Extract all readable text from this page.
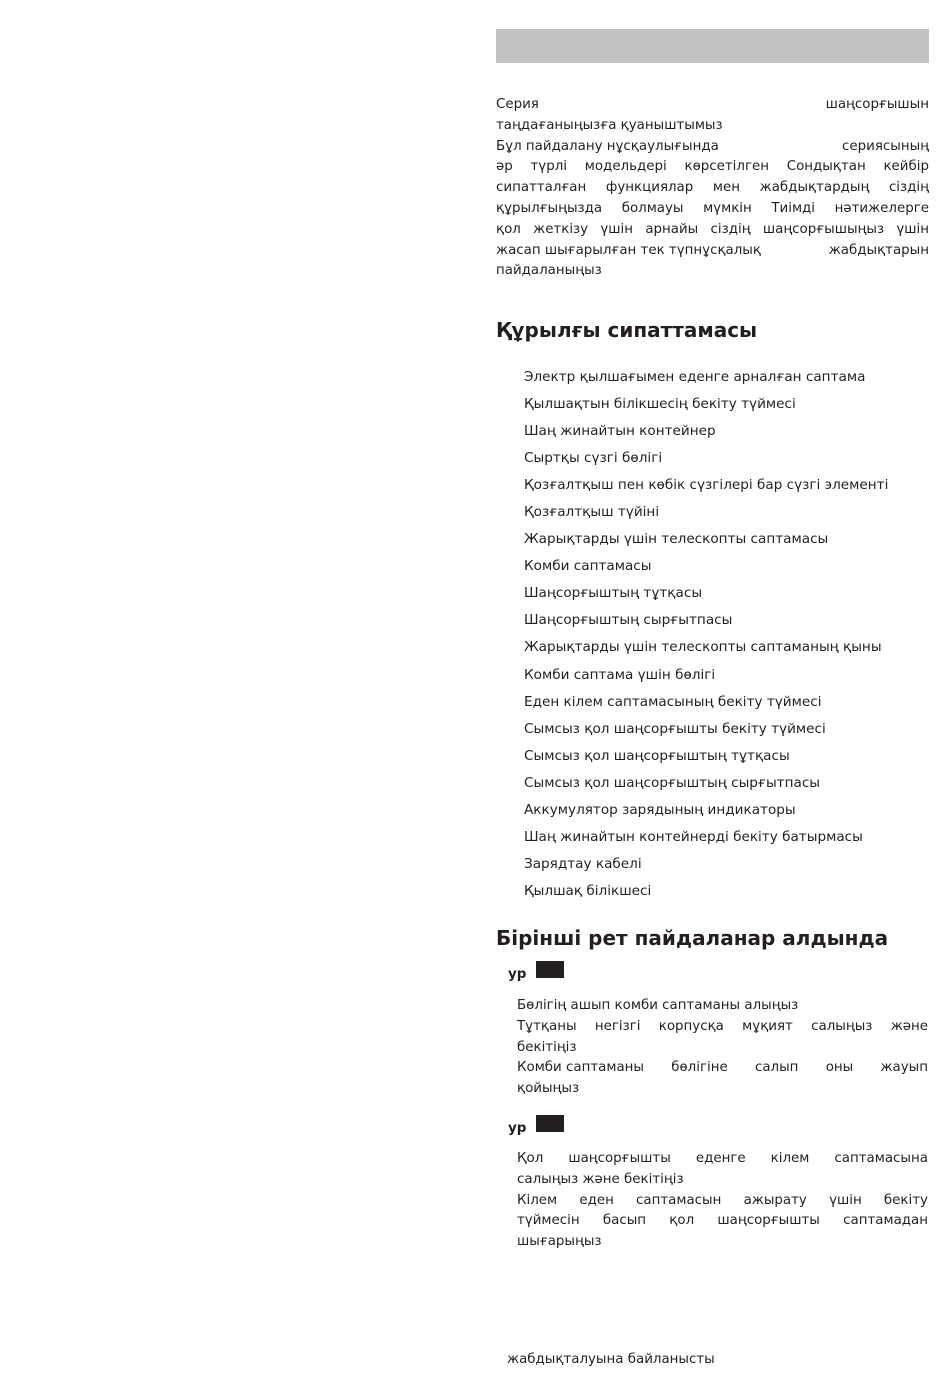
Серия	шаңсорғышын
таңдағаныңызға қуаныштымыз
Бұл пайдалану нұсқаулығында	сериясының
әр түрлі модельдері көрсетілген Сондықтан кейбір
сипатталған функциялар мен жабдықтардың сіздің
құрылғыңызда болмауы мүмкін Тиімді нәтижелерге
қол жеткізу үшін арнайы сіздің шаңсорғышыңыз үшін
жасап шығарылған тек түпнұсқалық	жабдықтарын
пайдаланыңыз
Құрылғы сипаттамасы
Электр қылшағымен еденге арналған саптама
Қылшақтын білікшесің бекіту түймесі
Шаң жинайтын контейнер
Сыртқы сүзгі бөлігі
Қозғалтқыш пен көбік сүзгілері бар сүзгі элементі
Қозғалтқыш түйіні
Жарықтарды үшін телескопты саптамасы
Комби саптамасы
Шаңсорғыштың тұтқасы
Шаңсорғыштың сырғытпасы
Жарықтарды үшін телескопты саптаманың қыны
Комби саптама үшін бөлігі
Еден кілем саптамасының бекіту түймесі
Сымсыз қол шаңсорғышты бекіту түймесі
Сымсыз қол шаңсорғыштың тұтқасы
Сымсыз қол шаңсорғыштың сырғытпасы
Аккумулятор зарядының индикаторы
Шаң жинайтын контейнерді бекіту батырмасы
Зарядтау кабелі
Қылшақ білікшесі
Бірінші рет пайдаланар алдында
ур
Бөлігің ашып комби саптаманы алыңыз
Тұтқаны негізгі корпусқа мұқият салыңыз және
бекітіңіз
Комби саптаманы бөлігіне салып оны жауып
қойыңыз
ур
Қол шаңсорғышты еденге кілем саптамасына
салыңыз және бекітіңіз
Кілем еден саптамасын ажырату үшін бекіту
түймесін басып қол шаңсорғышты саптамадан
шығарыңыз
жабдықталуына байланысты
